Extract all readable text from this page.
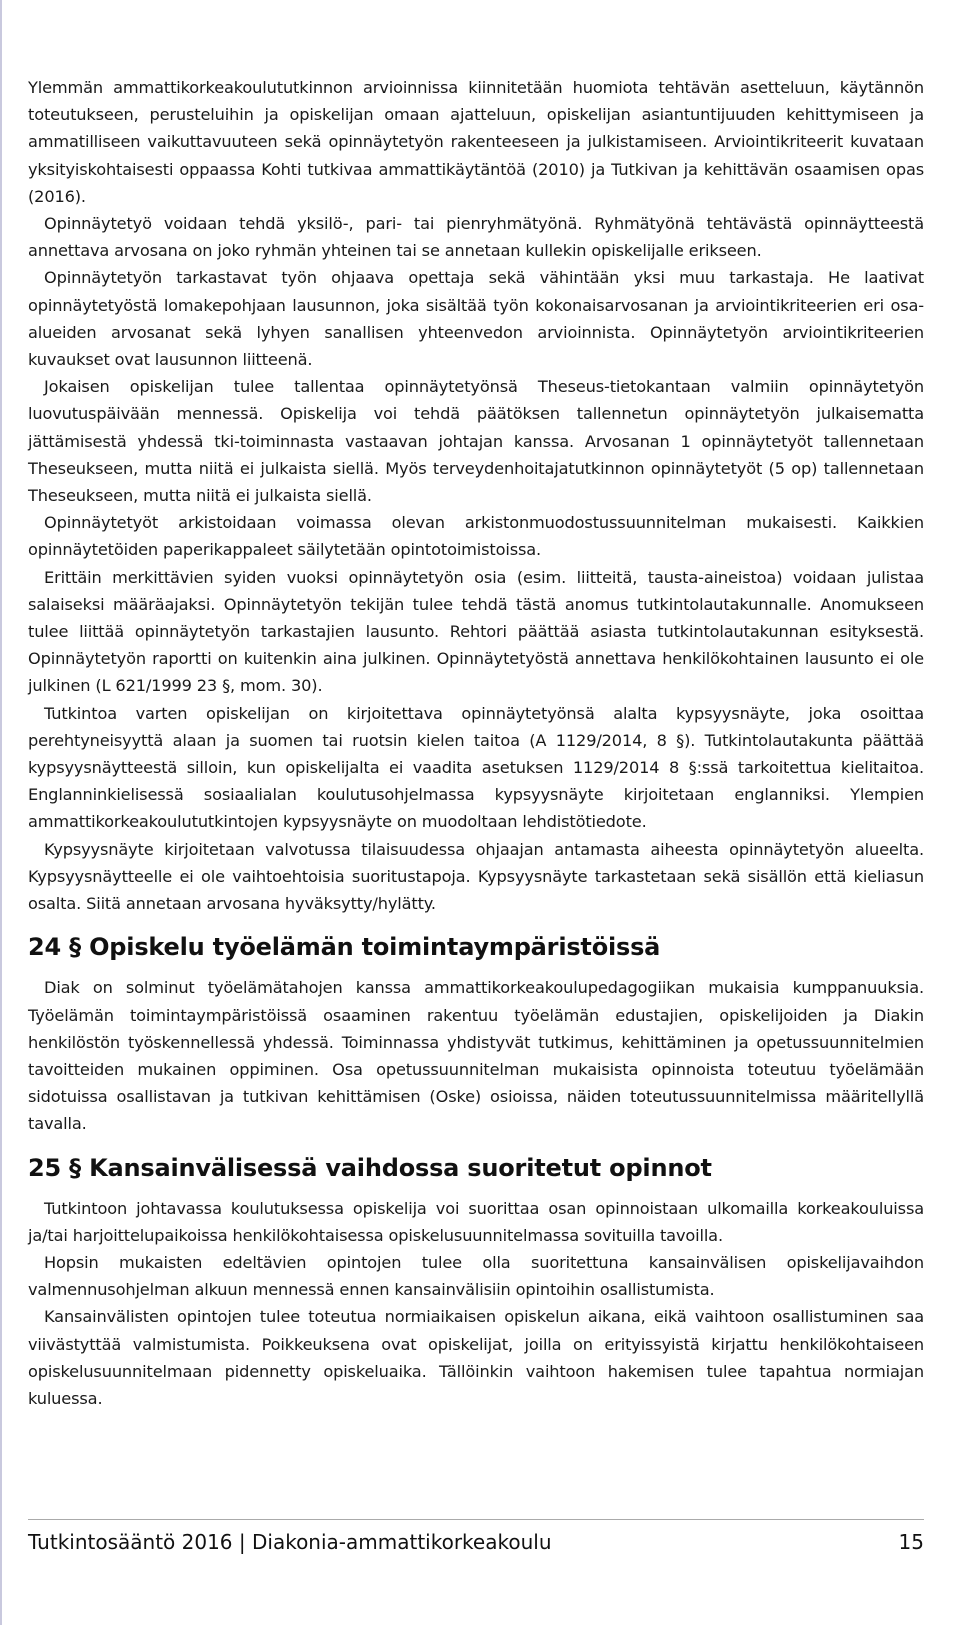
Ylemmän ammattikorkeakoulututkinnon arvioinnissa kiinnitetään huomiota tehtävän asetteluun, käytännön toteutukseen, perusteluihin ja opiskelijan omaan ajatteluun, opiskelijan asiantuntijuuden kehittymiseen ja ammatilliseen vaikuttavuuteen sekä opinnäytetyön rakenteeseen ja julkistamiseen. Arviointikriteerit kuvataan yksityiskohtaisesti oppaassa Kohti tutkivaa ammattikäytäntöä (2010) ja Tutkivan ja kehittävän osaamisen opas (2016).

Opinnäytetyö voidaan tehdä yksilö-, pari- tai pienryhmätyönä. Ryhmätyönä tehtävästä opinnäytteestä annettava arvosana on joko ryhmän yhteinen tai se annetaan kullekin opiskelijalle erikseen.

Opinnäytetyön tarkastavat työn ohjaava opettaja sekä vähintään yksi muu tarkastaja. He laativat opinnäytetyöstä lomakepohjaan lausunnon, joka sisältää työn kokonaisarvosanan ja arviointikriteerien eri osa-alueiden arvosanat sekä lyhyen sanallisen yhteenvedon arvioinnista. Opinnäytetyön arviointikriteerien kuvaukset ovat lausunnon liitteenä.

Jokaisen opiskelijan tulee tallentaa opinnäytetyönsä Theseus-tietokantaan valmiin opinnäytetyön luovutuspäivään mennessä. Opiskelija voi tehdä päätöksen tallennetun opinnäytetyön julkaisematta jättämisestä yhdessä tki-toiminnasta vastaavan johtajan kanssa. Arvosanan 1 opinnäytetyöt tallennetaan Theseukseen, mutta niitä ei julkaista siellä. Myös terveydenhoitajatutkinnon opinnäytetyöt (5 op) tallennetaan Theseukseen, mutta niitä ei julkaista siellä.

Opinnäytetyöt arkistoidaan voimassa olevan arkistonmuodostussuunnitelman mukaisesti. Kaikkien opinnäytetöiden paperikappaleet säilytetään opintotoimistoissa.

Erittäin merkittävien syiden vuoksi opinnäytetyön osia (esim. liitteitä, tausta-aineistoa) voidaan julistaa salaiseksi määräajaksi. Opinnäytetyön tekijän tulee tehdä tästä anomus tutkintolautakunnalle. Anomukseen tulee liittää opinnäytetyön tarkastajien lausunto. Rehtori päättää asiasta tutkintolautakunnan esityksestä. Opinnäytetyön raportti on kuitenkin aina julkinen. Opinnäytetyöstä annettava henkilökohtainen lausunto ei ole julkinen (L 621/1999 23 §, mom. 30).

Tutkintoa varten opiskelijan on kirjoitettava opinnäytetyönsä alalta kypsyysnäyte, joka osoittaa perehtyneisyyttä alaan ja suomen tai ruotsin kielen taitoa (A 1129/2014, 8 §). Tutkintolautakunta päättää kypsyysnäytteestä silloin, kun opiskelijalta ei vaadita asetuksen 1129/2014 8 §:ssä tarkoitettua kielitaitoa. Englanninkielisessä sosiaalialan koulutusohjelmassa kypsyysnäyte kirjoitetaan englanniksi. Ylempien ammattikorkeakoulututkintojen kypsyysnäyte on muodoltaan lehdistötiedote.

Kypsyysnäyte kirjoitetaan valvotussa tilaisuudessa ohjaajan antamasta aiheesta opinnäytetyön alueelta. Kypsyysnäytteelle ei ole vaihtoehtoisia suoritustapoja. Kypsyysnäyte tarkastetaan sekä sisällön että kieliasun osalta. Siitä annetaan arvosana hyväksytty/hylätty.

24 § Opiskelu työelämän toimintaympäristöissä

Diak on solminut työelämätahojen kanssa ammattikorkeakoulupedagogiikan mukaisia kumppanuuksia. Työelämän toimintaympäristöissä osaaminen rakentuu työelämän edustajien, opiskelijoiden ja Diakin henkilöstön työskennellessä yhdessä. Toiminnassa yhdistyvät tutkimus, kehittäminen ja opetussuunnitelmien tavoitteiden mukainen oppiminen. Osa opetussuunnitelman mukaisista opinnoista toteutuu työelämään sidotuissa osallistavan ja tutkivan kehittämisen (Oske) osioissa, näiden toteutussuunnitelmissa määritellyllä tavalla.

25 § Kansainvälisessä vaihdossa suoritetut opinnot

Tutkintoon johtavassa koulutuksessa opiskelija voi suorittaa osan opinnoistaan ulkomailla korkeakouluissa ja/tai harjoittelupaikoissa henkilökohtaisessa opiskelusuunnitelmassa sovituilla tavoilla.

Hopsin mukaisten edeltävien opintojen tulee olla suoritettuna kansainvälisen opiskelijavaihdon valmennusohjelman alkuun mennessä ennen kansainvälisiin opintoihin osallistumista.

Kansainvälisten opintojen tulee toteutua normiaikaisen opiskelun aikana, eikä vaihtoon osallistuminen saa viivästyttää valmistumista. Poikkeuksena ovat opiskelijat, joilla on erityissyistä kirjattu henkilökohtaiseen opiskelusuunnitelmaan pidennetty opiskeluaika. Tällöinkin vaihtoon hakemisen tulee tapahtua normiajan kuluessa.

Tutkintosääntö 2016 | Diakonia-ammattikorkeakoulu	15
